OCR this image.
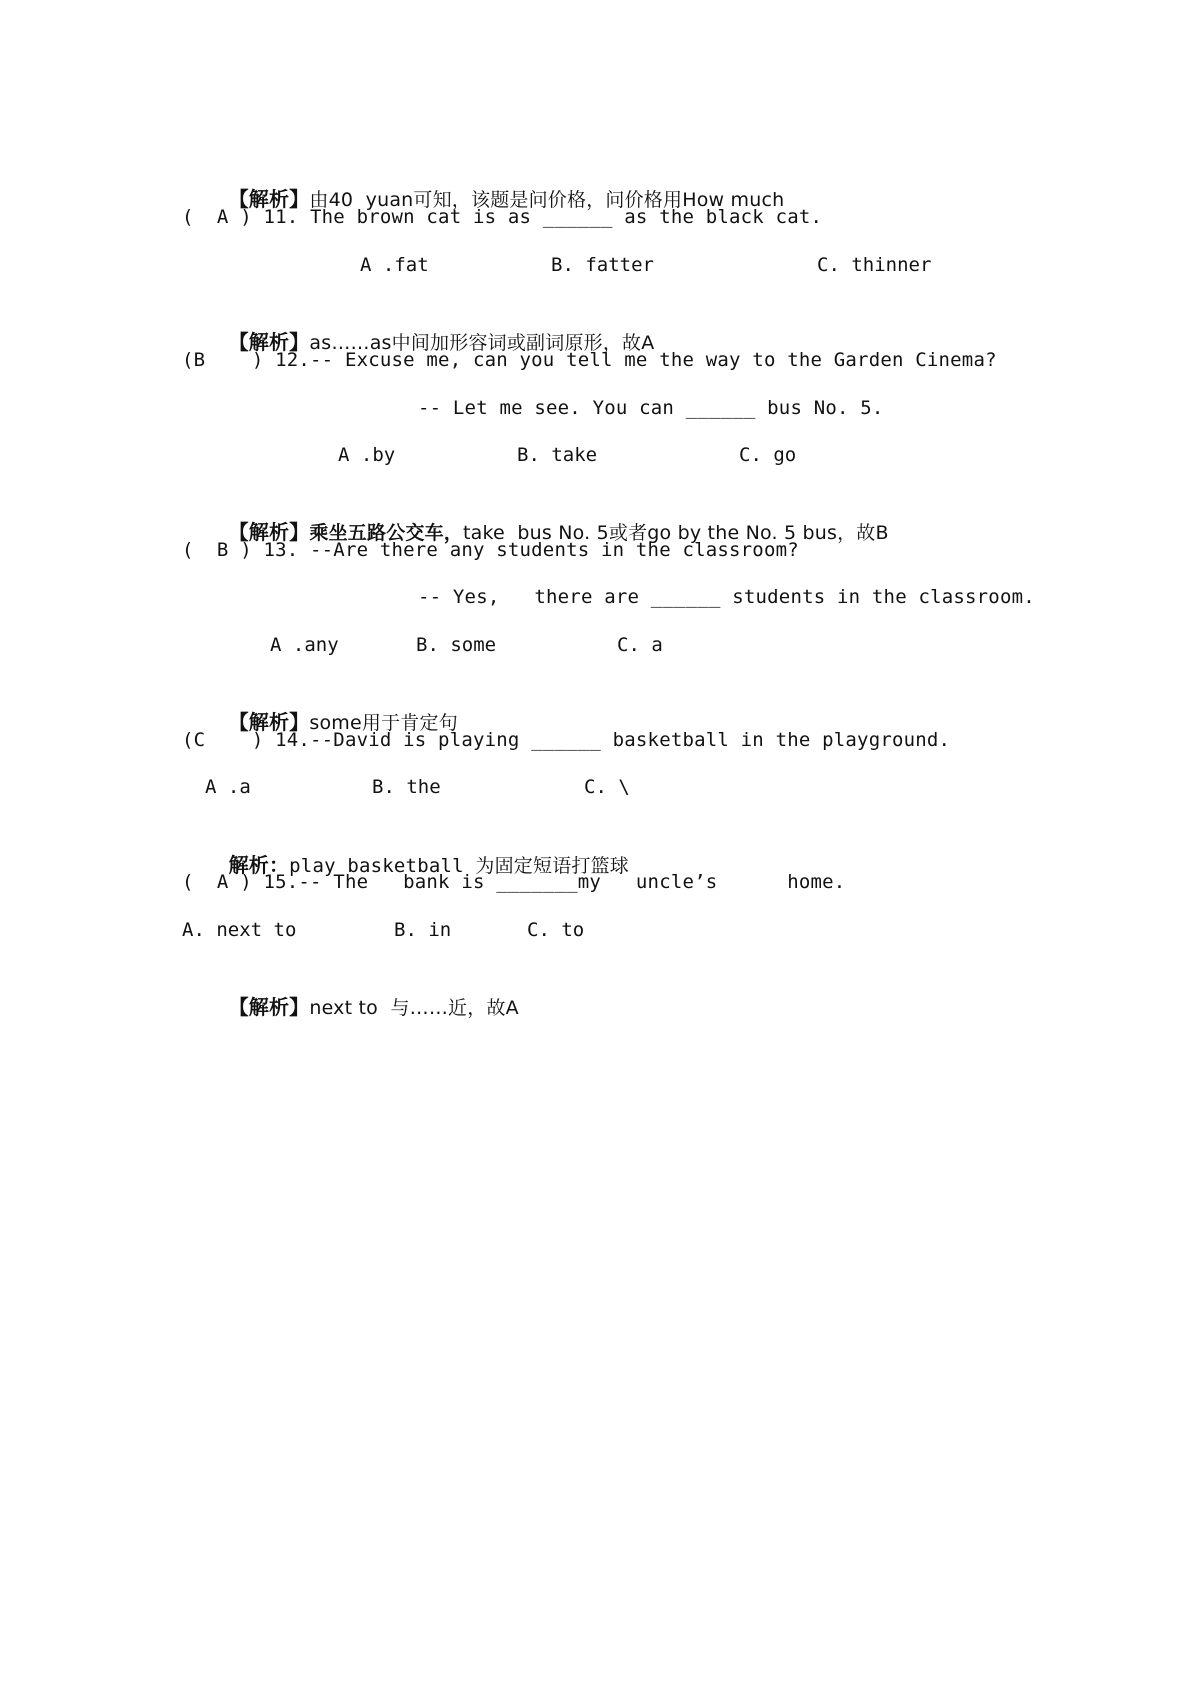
【解析】由40  yuan可知，该题是问价格，问价格用How much

(  A ) 11. The brown cat is as ______ as the black cat.
A .fat	B. fatter	C. thinner

【解析】as……as中间加形容词或副词原形，故A

(B    ) 12.-- Excuse me, can you tell me the way to the Garden Cinema?
-- Let me see. You can ______ bus No. 5.
A .by	B. take	C. go

【解析】乘坐五路公交车，take  bus No. 5或者go by the No. 5 bus，故B

(  B ) 13. --Are there any students in the classroom?
-- Yes,   there are ______ students in the classroom.
A .any	B. some	C. a

【解析】some用于肯定句

(C    ) 14.--David is playing ______ basketball in the playground.
A .a	B. the	C. \

解析：play basketball 为固定短语打篮球

(  A ) 15.-- The   bank is _______my   uncle’s      home.
A. next to	B. in	C. to

【解析】next to  与……近，故A
